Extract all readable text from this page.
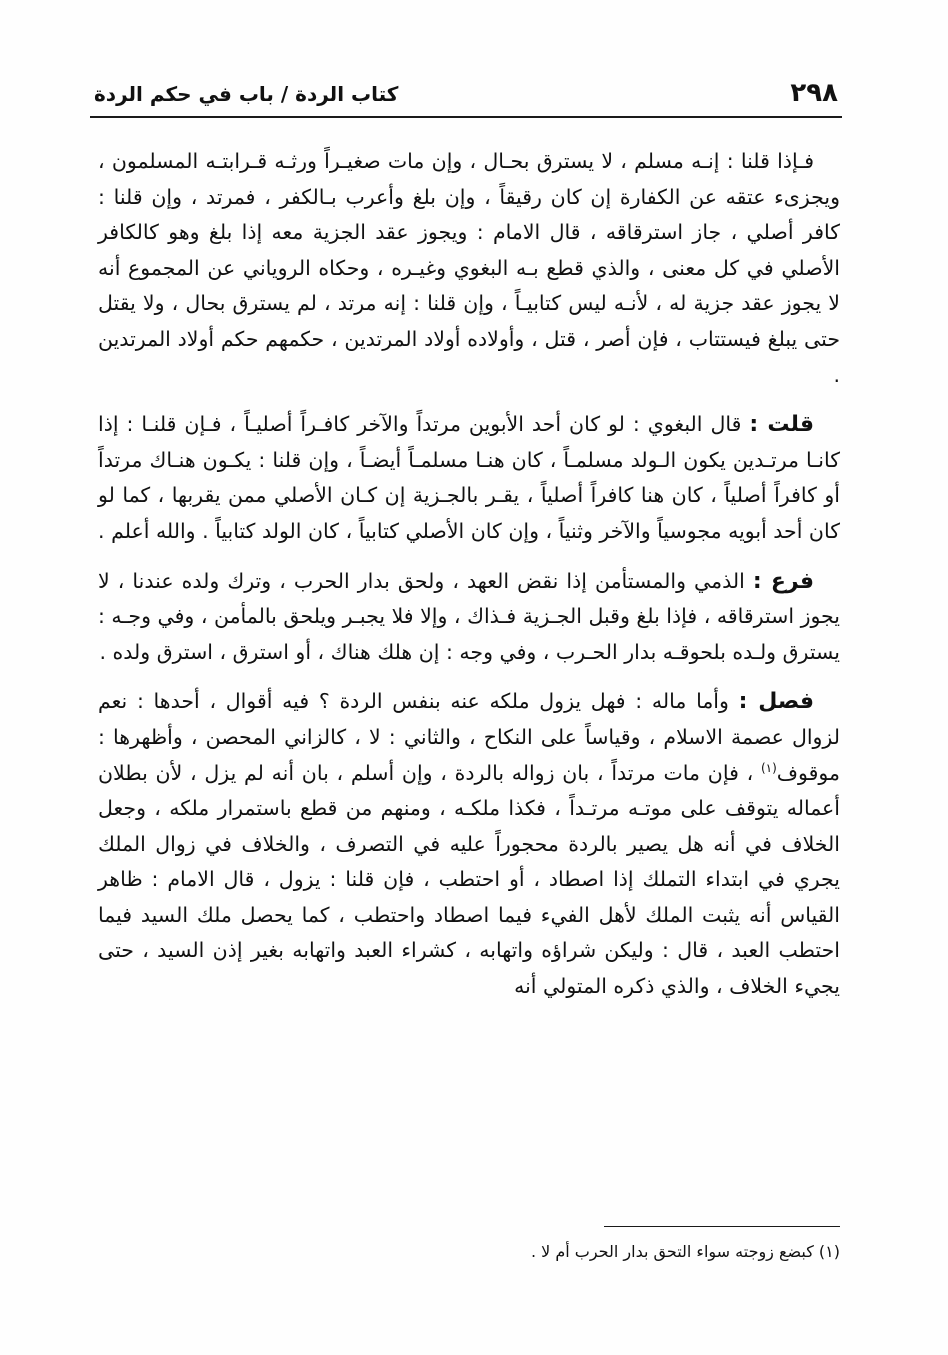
٢٩٨
كتاب الردة / باب في حكم الردة

فـإذا قلنا : إنـه مسلم ، لا يسترق بحـال ، وإن مات صغيـراً ورثـه قـرابتـه المسلمون ، ويجزىء عتقه عن الكفارة إن كان رقيقاً ، وإن بلغ وأعرب بـالكفر ، فمرتد ، وإن قلنا : كافر أصلي ، جاز استرقاقه ، قال الامام : ويجوز عقد الجزية معه إذا بلغ وهو كالكافر الأصلي في كل معنى ، والذي قطع بـه البغوي وغيـره ، وحكاه الروياني عن المجموع أنه لا يجوز عقد جزية له ، لأنـه ليس كتابيـاً ، وإن قلنا : إنه مرتد ، لم يسترق بحال ، ولا يقتل حتى يبلغ فيستتاب ، فإن أصر ، قتل ، وأولاده أولاد المرتدين ، حكمهم حكم أولاد المرتدين .

قلت : قال البغوي : لو كان أحد الأبوين مرتداً والآخر كافـراً أصليـاً ، فـإن قلنـا : إذا كانـا مرتـدين يكون الـولد مسلمـاً ، كان هنـا مسلمـاً أيضـاً ، وإن قلنا : يكـون هنـاك مرتداً أو كافراً أصلياً ، كان هنا كافراً أصلياً ، يقـر بالجـزية إن كـان الأصلي ممن يقربها ، كما لو كان أحد أبويه مجوسياً والآخر وثنياً ، وإن كان الأصلي كتابياً ، كان الولد كتابياً . والله أعلم .

فرع : الذمي والمستأمن إذا نقض العهد ، ولحق بدار الحرب ، وترك ولده عندنا ، لا يجوز استرقاقه ، فإذا بلغ وقبل الجـزية فـذاك ، وإلا فلا يجبـر ويلحق بالمأمن ، وفي وجـه : يسترق ولـده بلحوقـه بدار الحـرب ، وفي وجه : إن هلك هناك ، أو استرق ، استرق ولده .

فصل : وأما ماله : فهل يزول ملكه عنه بنفس الردة ؟ فيه أقوال ، أحدها : نعم لزوال عصمة الاسلام ، وقياساً على النكاح ، والثاني : لا ، كالزاني المحصن ، وأظهرها : موقوف$^{(١)}$ ، فإن مات مرتداً ، بان زواله بالردة ، وإن أسلم ، بان أنه لم يزل ، لأن بطلان أعماله يتوقف على موتـه مرتـداً ، فكذا ملكـه ، ومنهم من قطع باستمرار ملكه ، وجعل الخلاف في أنه هل يصير بالردة محجوراً عليه في التصرف ، والخلاف في زوال الملك يجري في ابتداء التملك إذا اصطاد ، أو احتطب ، فإن قلنا : يزول ، قال الامام : ظاهر القياس أنه يثبت الملك لأهل الفيء فيما اصطاد واحتطب ، كما يحصل ملك السيد فيما احتطب العبد ، قال : وليكن شراؤه واتهابه ، كشراء العبد واتهابه بغير إذن السيد ، حتى يجيء الخلاف ، والذي ذكره المتولي أنه

(١) كبضع زوجته سواء التحق بدار الحرب أم لا .
